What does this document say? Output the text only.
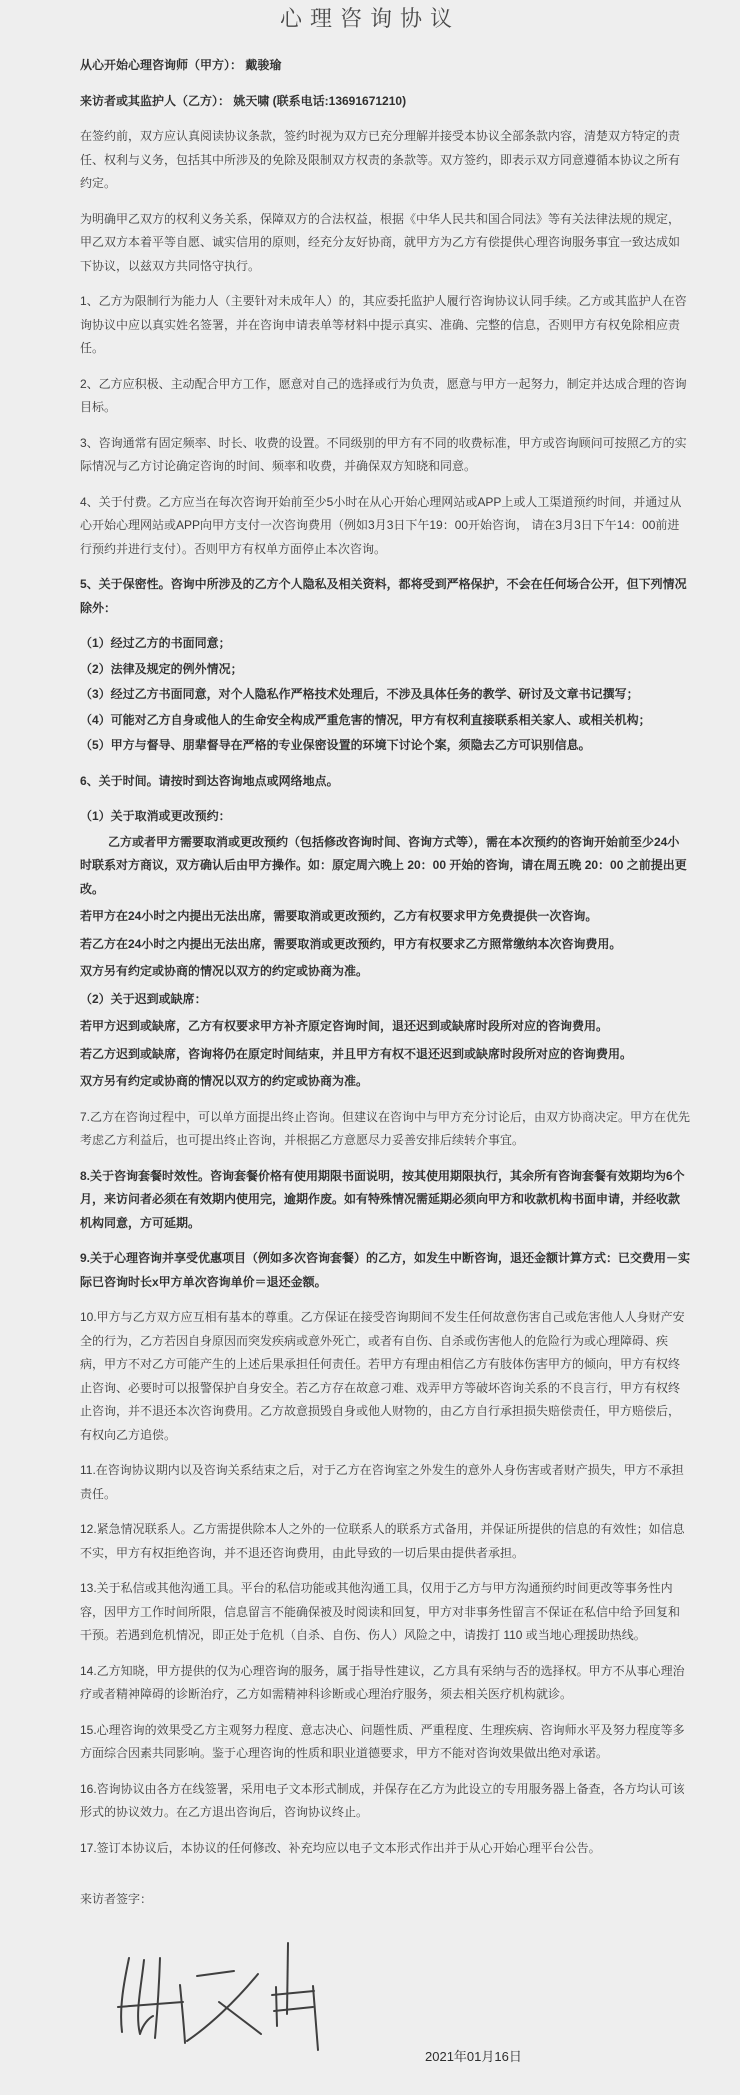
心理咨询协议

从心开始心理咨询师（甲方）： 戴骏瑜

来访者或其监护人（乙方）： 姚天啸 (联系电话:13691671210)

在签约前，双方应认真阅读协议条款，签约时视为双方已充分理解并接受本协议全部条款内容，清楚双方特定的责任、权利与义务，包括其中所涉及的免除及限制双方权责的条款等。双方签约，即表示双方同意遵循本协议之所有约定。

为明确甲乙双方的权利义务关系，保障双方的合法权益，根据《中华人民共和国合同法》等有关法律法规的规定，甲乙双方本着平等自愿、诚实信用的原则，经充分友好协商，就甲方为乙方有偿提供心理咨询服务事宜一致达成如下协议，以兹双方共同恪守执行。

1、乙方为限制行为能力人（主要针对未成年人）的，其应委托监护人履行咨询协议认同手续。乙方或其监护人在咨询协议中应以真实姓名签署，并在咨询申请表单等材料中提示真实、准确、完整的信息，否则甲方有权免除相应责任。

2、乙方应积极、主动配合甲方工作，愿意对自己的选择或行为负责，愿意与甲方一起努力，制定并达成合理的咨询目标。

3、咨询通常有固定频率、时长、收费的设置。不同级别的甲方有不同的收费标准，甲方或咨询顾问可按照乙方的实际情况与乙方讨论确定咨询的时间、频率和收费，并确保双方知晓和同意。

4、关于付费。乙方应当在每次咨询开始前至少5小时在从心开始心理网站或APP上或人工渠道预约时间，并通过从心开始心理网站或APP向甲方支付一次咨询费用（例如3月3日下午19：00开始咨询， 请在3月3日下午14：00前进行预约并进行支付）。否则甲方有权单方面停止本次咨询。

5、关于保密性。咨询中所涉及的乙方个人隐私及相关资料，都将受到严格保护，不会在任何场合公开，但下列情况除外：

（1）经过乙方的书面同意；

（2）法律及规定的例外情况；

（3）经过乙方书面同意，对个人隐私作严格技术处理后，不涉及具体任务的教学、研讨及文章书记撰写；

（4）可能对乙方自身或他人的生命安全构成严重危害的情况，甲方有权利直接联系相关家人、或相关机构；

（5）甲方与督导、朋辈督导在严格的专业保密设置的环境下讨论个案，须隐去乙方可识别信息。

6、关于时间。请按时到达咨询地点或网络地点。

（1）关于取消或更改预约：

乙方或者甲方需要取消或更改预约（包括修改咨询时间、咨询方式等），需在本次预约的咨询开始前至少24小时联系对方商议，双方确认后由甲方操作。如：原定周六晚上 20：00 开始的咨询，请在周五晚 20：00 之前提出更改。

若甲方在24小时之内提出无法出席，需要取消或更改预约，乙方有权要求甲方免费提供一次咨询。

若乙方在24小时之内提出无法出席，需要取消或更改预约，甲方有权要求乙方照常缴纳本次咨询费用。

双方另有约定或协商的情况以双方的约定或协商为准。

（2）关于迟到或缺席：

若甲方迟到或缺席，乙方有权要求甲方补齐原定咨询时间，退还迟到或缺席时段所对应的咨询费用。

若乙方迟到或缺席，咨询将仍在原定时间结束，并且甲方有权不退还迟到或缺席时段所对应的咨询费用。

双方另有约定或协商的情况以双方的约定或协商为准。

7.乙方在咨询过程中，可以单方面提出终止咨询。但建议在咨询中与甲方充分讨论后，由双方协商决定。甲方在优先考虑乙方利益后，也可提出终止咨询，并根据乙方意愿尽力妥善安排后续转介事宜。

8.关于咨询套餐时效性。咨询套餐价格有使用期限书面说明，按其使用期限执行，其余所有咨询套餐有效期均为6个月，来访问者必须在有效期内使用完，逾期作废。如有特殊情况需延期必须向甲方和收款机构书面申请，并经收款机构同意，方可延期。

9.关于心理咨询并享受优惠项目（例如多次咨询套餐）的乙方，如发生中断咨询，退还金额计算方式：已交费用－实际已咨询时长x甲方单次咨询单价＝退还金额。

10.甲方与乙方双方应互相有基本的尊重。乙方保证在接受咨询期间不发生任何故意伤害自己或危害他人人身财产安全的行为，乙方若因自身原因而突发疾病或意外死亡，或者有自伤、自杀或伤害他人的危险行为或心理障碍、疾病，甲方不对乙方可能产生的上述后果承担任何责任。若甲方有理由相信乙方有肢体伤害甲方的倾向，甲方有权终止咨询、必要时可以报警保护自身安全。若乙方存在故意刁难、戏弄甲方等破坏咨询关系的不良言行，甲方有权终止咨询，并不退还本次咨询费用。乙方故意损毁自身或他人财物的，由乙方自行承担损失赔偿责任，甲方赔偿后，有权向乙方追偿。

11.在咨询协议期内以及咨询关系结束之后，对于乙方在咨询室之外发生的意外人身伤害或者财产损失，甲方不承担责任。

12.紧急情况联系人。乙方需提供除本人之外的一位联系人的联系方式备用，并保证所提供的信息的有效性；如信息不实，甲方有权拒绝咨询，并不退还咨询费用，由此导致的一切后果由提供者承担。

13.关于私信或其他沟通工具。平台的私信功能或其他沟通工具，仅用于乙方与甲方沟通预约时间更改等事务性内容，因甲方工作时间所限，信息留言不能确保被及时阅读和回复，甲方对非事务性留言不保证在私信中给予回复和干预。若遇到危机情况，即正处于危机（自杀、自伤、伤人）风险之中，请拨打 110 或当地心理援助热线。

14.乙方知晓，甲方提供的仅为心理咨询的服务，属于指导性建议，乙方具有采纳与否的选择权。甲方不从事心理治疗或者精神障碍的诊断治疗，乙方如需精神科诊断或心理治疗服务，须去相关医疗机构就诊。

15.心理咨询的效果受乙方主观努力程度、意志决心、问题性质、严重程度、生理疾病、咨询师水平及努力程度等多方面综合因素共同影响。鉴于心理咨询的性质和职业道德要求，甲方不能对咨询效果做出绝对承诺。

16.咨询协议由各方在线签署，采用电子文本形式制成，并保存在乙方为此设立的专用服务器上备查，各方均认可该形式的协议效力。在乙方退出咨询后，咨询协议终止。

17.签订本协议后，本协议的任何修改、补充均应以电子文本形式作出并于从心开始心理平台公告。

来访者签字：

2021年01月16日
